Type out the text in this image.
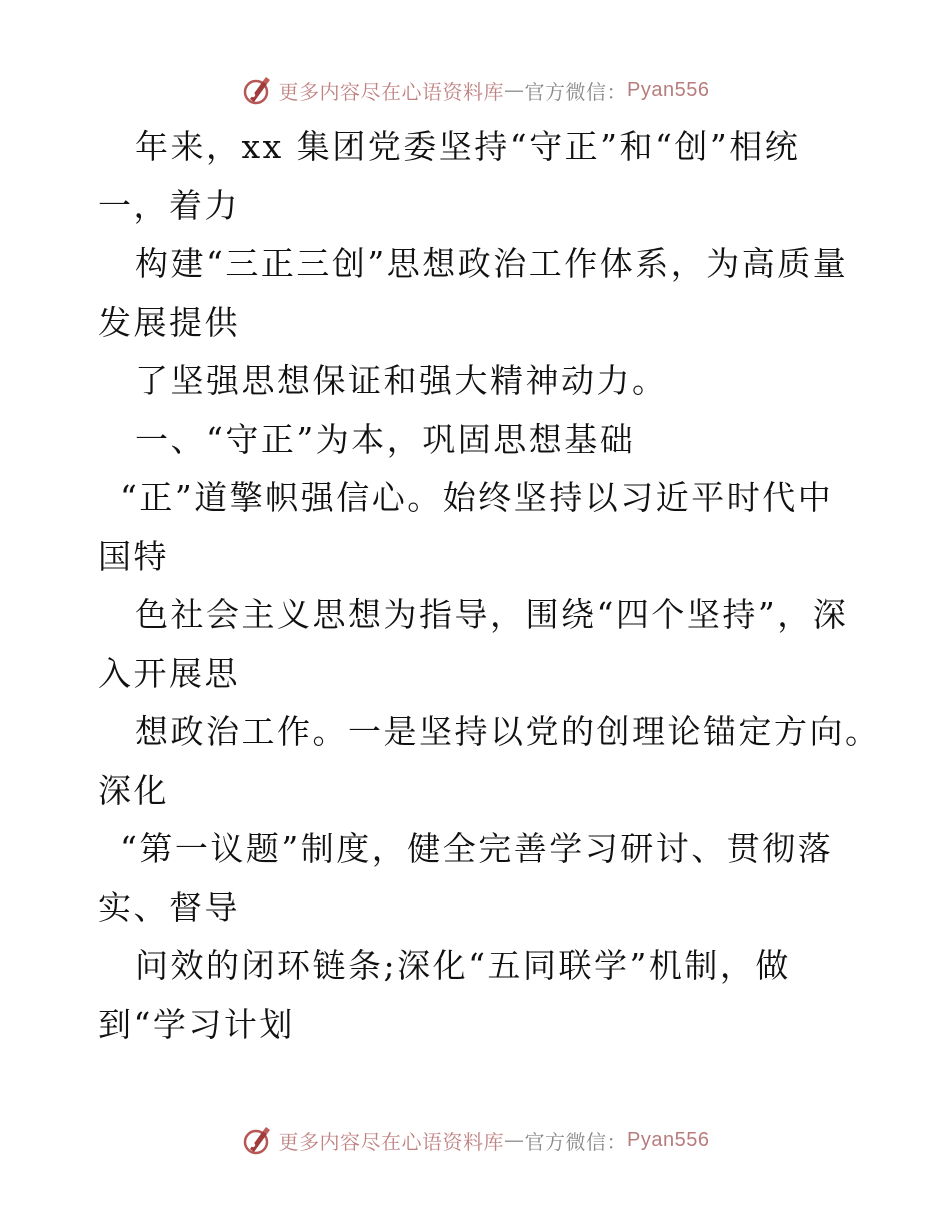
更多内容尽在心语资料库 — 官方微信： Pyan556
年来，xx 集团党委坚持“守正”和“创”相统
一，着力
构建“三正三创”思想政治工作体系，为高质量
发展提供
了坚强思想保证和强大精神动力。
一、“守正”为本，巩固思想基础
“正”道擎帜强信心。始终坚持以习近平时代中
国特
色社会主义思想为指导，围绕“四个坚持”，深
入开展思
想政治工作。一是坚持以党的创理论锚定方向。
深化
“第一议题”制度，健全完善学习研讨、贯彻落
实、督导
问效的闭环链条;深化“五同联学”机制，做
到“学习计划
更多内容尽在心语资料库 — 官方微信： Pyan556
